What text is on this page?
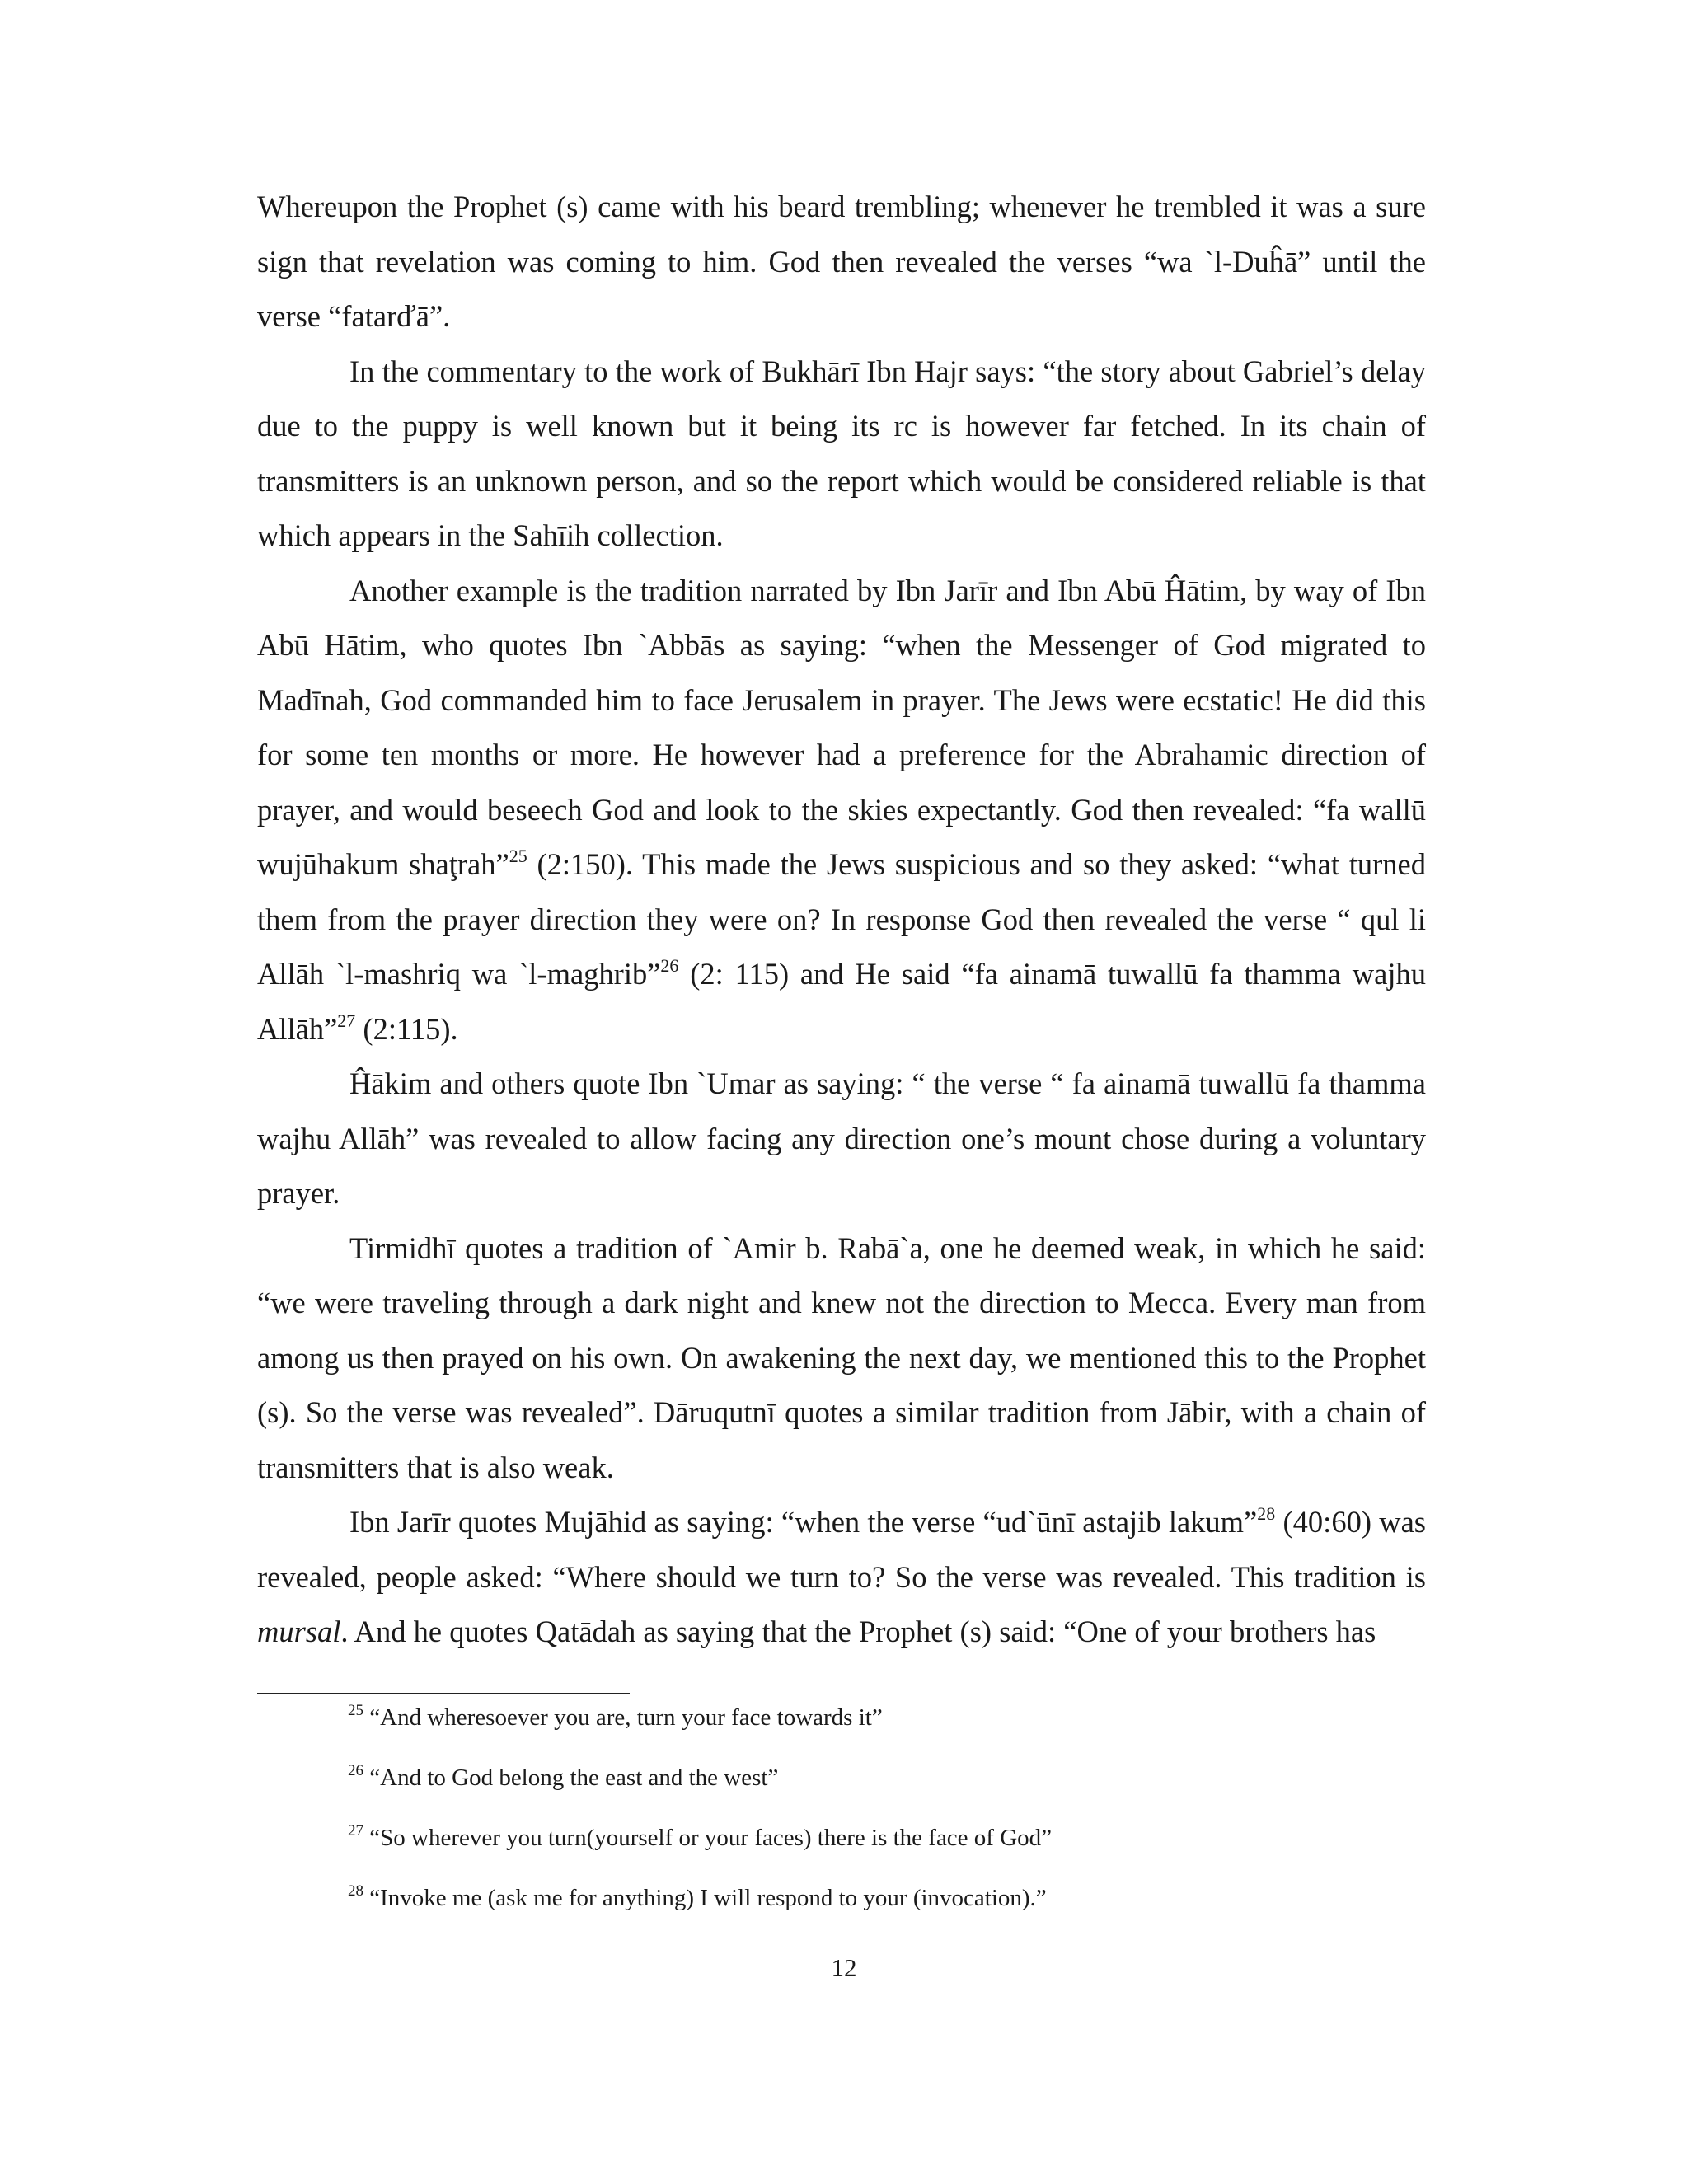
Whereupon the Prophet (s) came with his beard trembling; whenever he trembled it was a sure sign that revelation was coming to him. God then revealed the verses “wa `l-Duĥā” until the verse “fatarďā”.

In the commentary to the work of Bukhārī Ibn Hajr says: “the story about Gabriel’s delay due to the puppy is well known but it being its rc is however far fetched. In its chain of transmitters is an unknown person, and so the report which would be considered reliable is that which appears in the Sahīih collection.

Another example is the tradition narrated by Ibn Jarīr and Ibn Abū Ĥātim, by way of Ibn Abū Hātim, who quotes Ibn `Abbās as saying: “when the Messenger of God migrated to Madīnah, God commanded him to face Jerusalem in prayer. The Jews were ecstatic! He did this for some ten months or more. He however had a preference for the Abrahamic direction of prayer, and would beseech God and look to the skies expectantly. God then revealed: “fa wallū wujūhakum shaţrah”$^{25}$ (2:150). This made the Jews suspicious and so they asked: “what turned them from the prayer direction they were on? In response God then revealed the verse “ qul li Allāh `l-mashriq wa `l-maghrib”$^{26}$ (2: 115) and He said “fa ainamā tuwallū fa thamma wajhu Allāh”$^{27}$ (2:115).

Ĥākim and others quote Ibn `Umar as saying: “ the verse “ fa ainamā tuwallū fa thamma wajhu Allāh” was revealed to allow facing any direction one’s mount chose during a voluntary prayer.

Tirmidhī quotes a tradition of `Amir b. Rabā`a, one he deemed weak, in which he said: “we were traveling through a dark night and knew not the direction to Mecca. Every man from among us then prayed on his own. On awakening the next day, we mentioned this to the Prophet (s). So the verse was revealed”. Dāruqutnī quotes a similar tradition from Jābir, with a chain of transmitters that is also weak.

Ibn Jarīr quotes Mujāhid as saying: “when the verse “ud`ūnī astajib lakum”$^{28}$ (40:60) was revealed, people asked: “Where should we turn to? So the verse was revealed. This tradition is mursal. And he quotes Qatādah as saying that the Prophet (s) said: “One of your brothers has

$^{25}$ “And wheresoever you are, turn your face towards it”
$^{26}$ “And to God belong the east and the west”
$^{27}$ “So wherever you turn(yourself or your faces) there is the face of God”
$^{28}$ “Invoke me (ask me for anything) I will respond to your (invocation).”
12
